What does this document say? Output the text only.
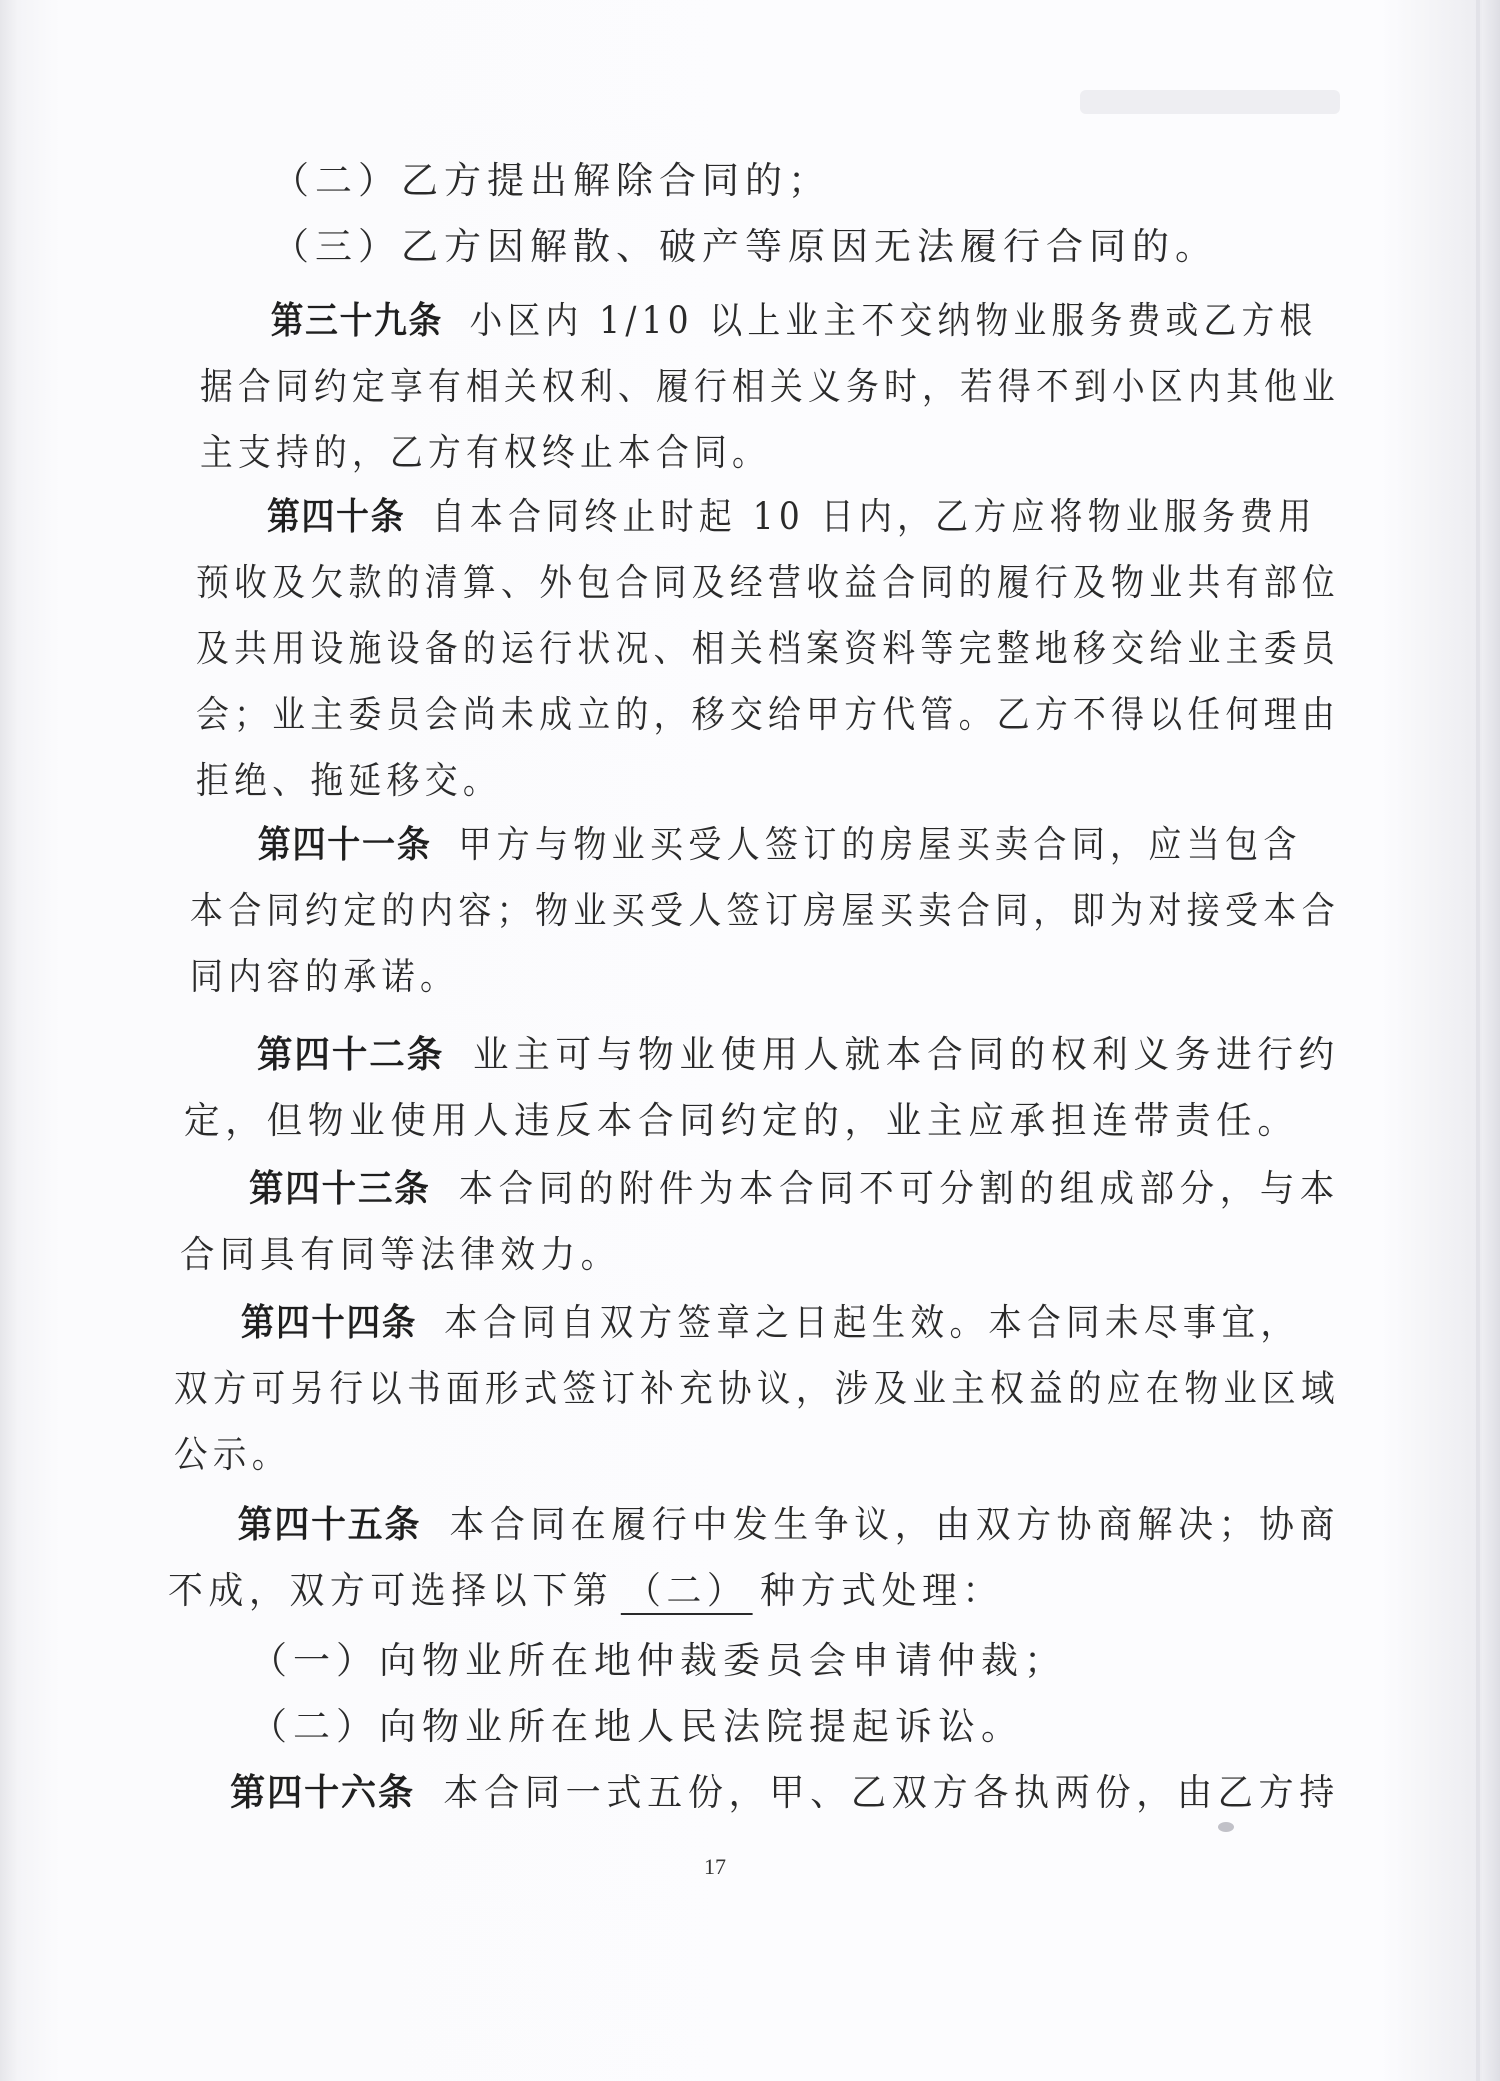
（二）乙方提出解除合同的；

（三）乙方因解散、破产等原因无法履行合同的。

第三十九条 小区内 1/10 以上业主不交纳物业服务费或乙方根
据合同约定享有相关权利、履行相关义务时，若得不到小区内其他业
主支持的，乙方有权终止本合同。

第四十条 自本合同终止时起 10 日内，乙方应将物业服务费用
预收及欠款的清算、外包合同及经营收益合同的履行及物业共有部位
及共用设施设备的运行状况、相关档案资料等完整地移交给业主委员
会；业主委员会尚未成立的，移交给甲方代管。乙方不得以任何理由
拒绝、拖延移交。

第四十一条 甲方与物业买受人签订的房屋买卖合同，应当包含
本合同约定的内容；物业买受人签订房屋买卖合同，即为对接受本合
同内容的承诺。

第四十二条 业主可与物业使用人就本合同的权利义务进行约
定，但物业使用人违反本合同约定的，业主应承担连带责任。

第四十三条 本合同的附件为本合同不可分割的组成部分，与本
合同具有同等法律效力。

第四十四条 本合同自双方签章之日起生效。本合同未尽事宜，
双方可另行以书面形式签订补充协议，涉及业主权益的应在物业区域
公示。

第四十五条 本合同在履行中发生争议，由双方协商解决；协商
不成，双方可选择以下第 （二） 种方式处理：

（一）向物业所在地仲裁委员会申请仲裁；

（二）向物业所在地人民法院提起诉讼。

第四十六条 本合同一式五份，甲、乙双方各执两份，由乙方持

17
